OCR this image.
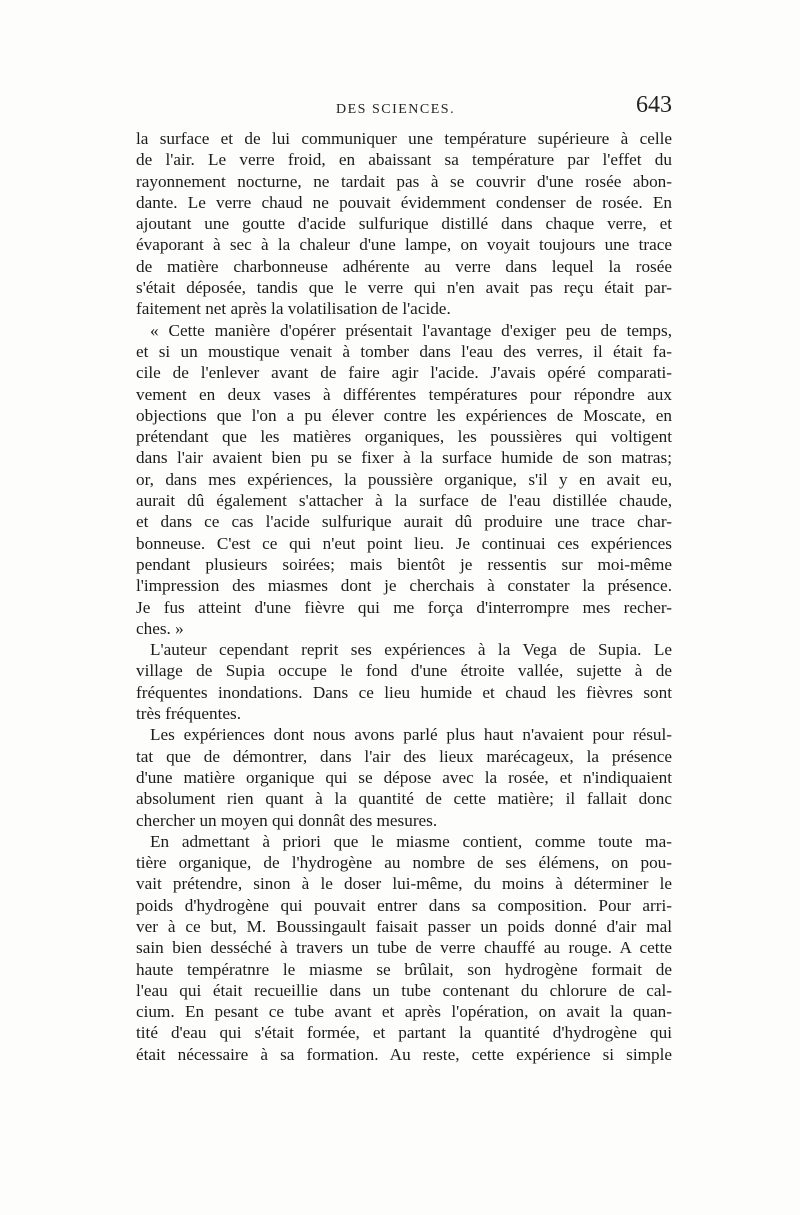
DES SCIENCES.	643
la surface et de lui communiquer une température supérieure à celle
de l'air. Le verre froid, en abaissant sa température par l'effet du
rayonnement nocturne, ne tardait pas à se couvrir d'une rosée abon-
dante. Le verre chaud ne pouvait évidemment condenser de rosée. En
ajoutant une goutte d'acide sulfurique distillé dans chaque verre, et
évaporant à sec à la chaleur d'une lampe, on voyait toujours une trace
de matière charbonneuse adhérente au verre dans lequel la rosée
s'était déposée, tandis que le verre qui n'en avait pas reçu était par-
faitement net après la volatilisation de l'acide.
« Cette manière d'opérer présentait l'avantage d'exiger peu de temps,
et si un moustique venait à tomber dans l'eau des verres, il était fa-
cile de l'enlever avant de faire agir l'acide. J'avais opéré comparati-
vement en deux vases à différentes températures pour répondre aux
objections que l'on a pu élever contre les expériences de Moscate, en
prétendant que les matières organiques, les poussières qui voltigent
dans l'air avaient bien pu se fixer à la surface humide de son matras;
or, dans mes expériences, la poussière organique, s'il y en avait eu,
aurait dû également s'attacher à la surface de l'eau distillée chaude,
et dans ce cas l'acide sulfurique aurait dû produire une trace char-
bonneuse. C'est ce qui n'eut point lieu. Je continuai ces expériences
pendant plusieurs soirées; mais bientôt je ressentis sur moi-même
l'impression des miasmes dont je cherchais à constater la présence.
Je fus atteint d'une fièvre qui me força d'interrompre mes recher-
ches. »
L'auteur cependant reprit ses expériences à la Vega de Supia. Le
village de Supia occupe le fond d'une étroite vallée, sujette à de
fréquentes inondations. Dans ce lieu humide et chaud les fièvres sont
très fréquentes.
Les expériences dont nous avons parlé plus haut n'avaient pour résul-
tat que de démontrer, dans l'air des lieux marécageux, la présence
d'une matière organique qui se dépose avec la rosée, et n'indiquaient
absolument rien quant à la quantité de cette matière; il fallait donc
chercher un moyen qui donnât des mesures.
En admettant à priori que le miasme contient, comme toute ma-
tière organique, de l'hydrogène au nombre de ses élémens, on pou-
vait prétendre, sinon à le doser lui-même, du moins à déterminer le
poids d'hydrogène qui pouvait entrer dans sa composition. Pour arri-
ver à ce but, M. Boussingault faisait passer un poids donné d'air mal
sain bien desséché à travers un tube de verre chauffé au rouge. A cette
haute températnre le miasme se brûlait, son hydrogène formait de
l'eau qui était recueillie dans un tube contenant du chlorure de cal-
cium. En pesant ce tube avant et après l'opération, on avait la quan-
tité d'eau qui s'était formée, et partant la quantité d'hydrogène qui
était nécessaire à sa formation. Au reste, cette expérience si simple
